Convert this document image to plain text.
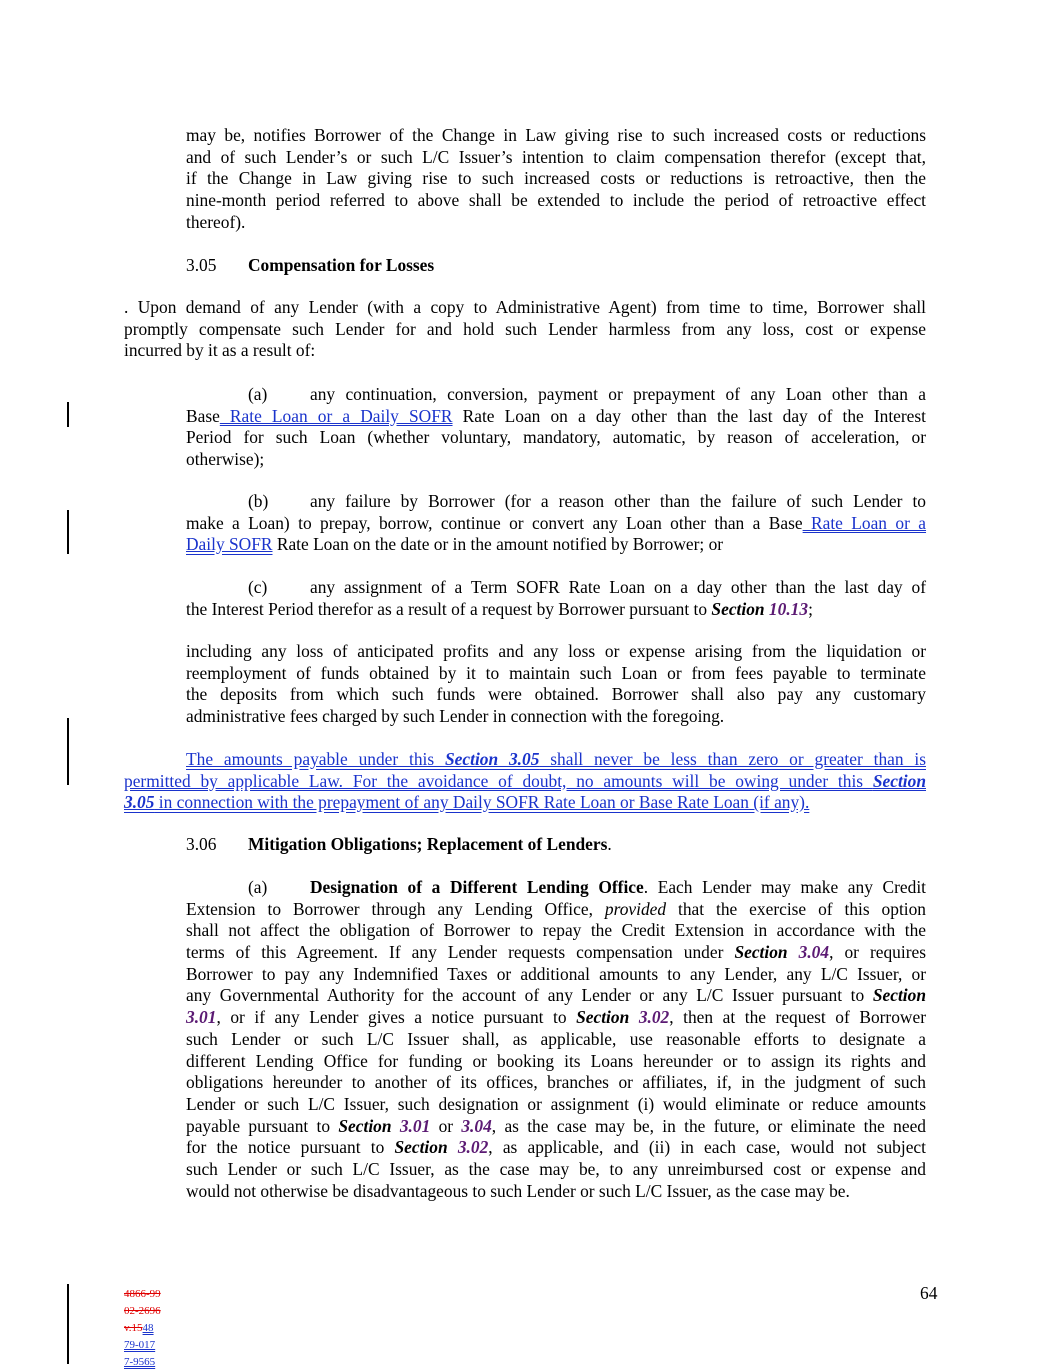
may be, notifies Borrower of the Change in Law giving rise to such increased costs or reductions
and of such Lender’s or such L/C Issuer’s intention to claim compensation therefor (except that,
if the Change in Law giving rise to such increased costs or reductions is retroactive, then the
nine-month period referred to above shall be extended to include the period of retroactive effect
thereof).
3.05 Compensation for Losses
. Upon demand of any Lender (with a copy to Administrative Agent) from time to time, Borrower shall
promptly compensate such Lender for and hold such Lender harmless from any loss, cost or expense
incurred by it as a result of:
(a)	any continuation, conversion, payment or prepayment of any Loan other than a
Base Rate Loan or a Daily SOFR Rate Loan on a day other than the last day of the Interest
Period for such Loan (whether voluntary, mandatory, automatic, by reason of acceleration, or
otherwise);
(b)	any failure by Borrower (for a reason other than the failure of such Lender to
make a Loan) to prepay, borrow, continue or convert any Loan other than a Base Rate Loan or a
Daily SOFR Rate Loan on the date or in the amount notified by Borrower; or
(c)	any assignment of a Term SOFR Rate Loan on a day other than the last day of
the Interest Period therefor as a result of a request by Borrower pursuant to Section 10.13;
including any loss of anticipated profits and any loss or expense arising from the liquidation or
reemployment of funds obtained by it to maintain such Loan or from fees payable to terminate
the deposits from which such funds were obtained. Borrower shall also pay any customary
administrative fees charged by such Lender in connection with the foregoing.
The amounts payable under this Section 3.05 shall never be less than zero or greater than is
permitted by applicable Law. For the avoidance of doubt, no amounts will be owing under this Section
3.05 in connection with the prepayment of any Daily SOFR Rate Loan or Base Rate Loan (if any).
3.06 Mitigation Obligations; Replacement of Lenders.
(a)	Designation of a Different Lending Office. Each Lender may make any Credit
Extension to Borrower through any Lending Office, provided that the exercise of this option
shall not affect the obligation of Borrower to repay the Credit Extension in accordance with the
terms of this Agreement. If any Lender requests compensation under Section 3.04, or requires
Borrower to pay any Indemnified Taxes or additional amounts to any Lender, any L/C Issuer, or
any Governmental Authority for the account of any Lender or any L/C Issuer pursuant to Section
3.01, or if any Lender gives a notice pursuant to Section 3.02, then at the request of Borrower
such Lender or such L/C Issuer shall, as applicable, use reasonable efforts to designate a
different Lending Office for funding or booking its Loans hereunder or to assign its rights and
obligations hereunder to another of its offices, branches or affiliates, if, in the judgment of such
Lender or such L/C Issuer, such designation or assignment (i) would eliminate or reduce amounts
payable pursuant to Section 3.01 or 3.04, as the case may be, in the future, or eliminate the need
for the notice pursuant to Section 3.02, as applicable, and (ii) in each case, would not subject
such Lender or such L/C Issuer, as the case may be, to any unreimbursed cost or expense and
would not otherwise be disadvantageous to such Lender or such L/C Issuer, as the case may be.
4866-99
02-2696
v.1548
79-017
7-9565
64
